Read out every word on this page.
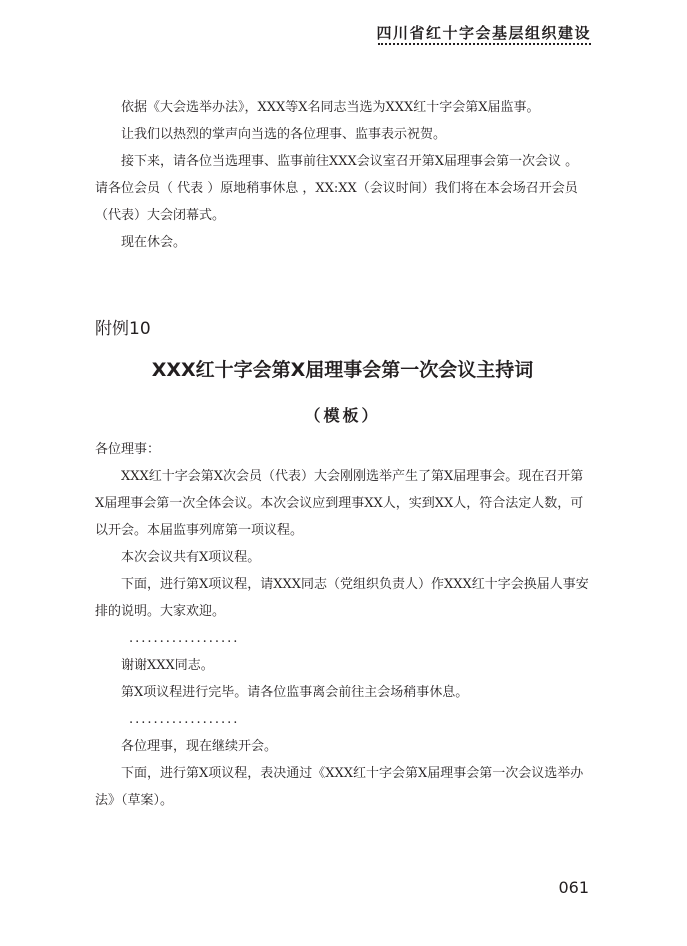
四川省红十字会基层组织建设

依据《大会选举办法》，XXX等X名同志当选为XXX红十字会第X届监事。

让我们以热烈的掌声向当选的各位理事、监事表示祝贺。

接下来，请各位当选理事、监事前往XXX会议室召开第X届理事会第一次会议 。请各位会员（ 代表 ）原地稍事休息 ，XX:XX（会议时间）我们将在本会场召开会员（代表）大会闭幕式。

现在休会。

附例10
XXX红十字会第X届理事会第一次会议主持词
（模板）

各位理事：

XXX红十字会第X次会员（代表）大会刚刚选举产生了第X届理事会。现在召开第X届理事会第一次全体会议。本次会议应到理事XX人，实到XX人，符合法定人数，可以开会。本届监事列席第一项议程。

本次会议共有X项议程。

下面，进行第X项议程，请XXX同志（党组织负责人）作XXX红十字会换届人事安排的说明。大家欢迎。

..................

谢谢XXX同志。

第X项议程进行完毕。请各位监事离会前往主会场稍事休息。

..................

各位理事，现在继续开会。

下面，进行第X项议程，表决通过《XXX红十字会第X届理事会第一次会议选举办法》（草案）。

061
